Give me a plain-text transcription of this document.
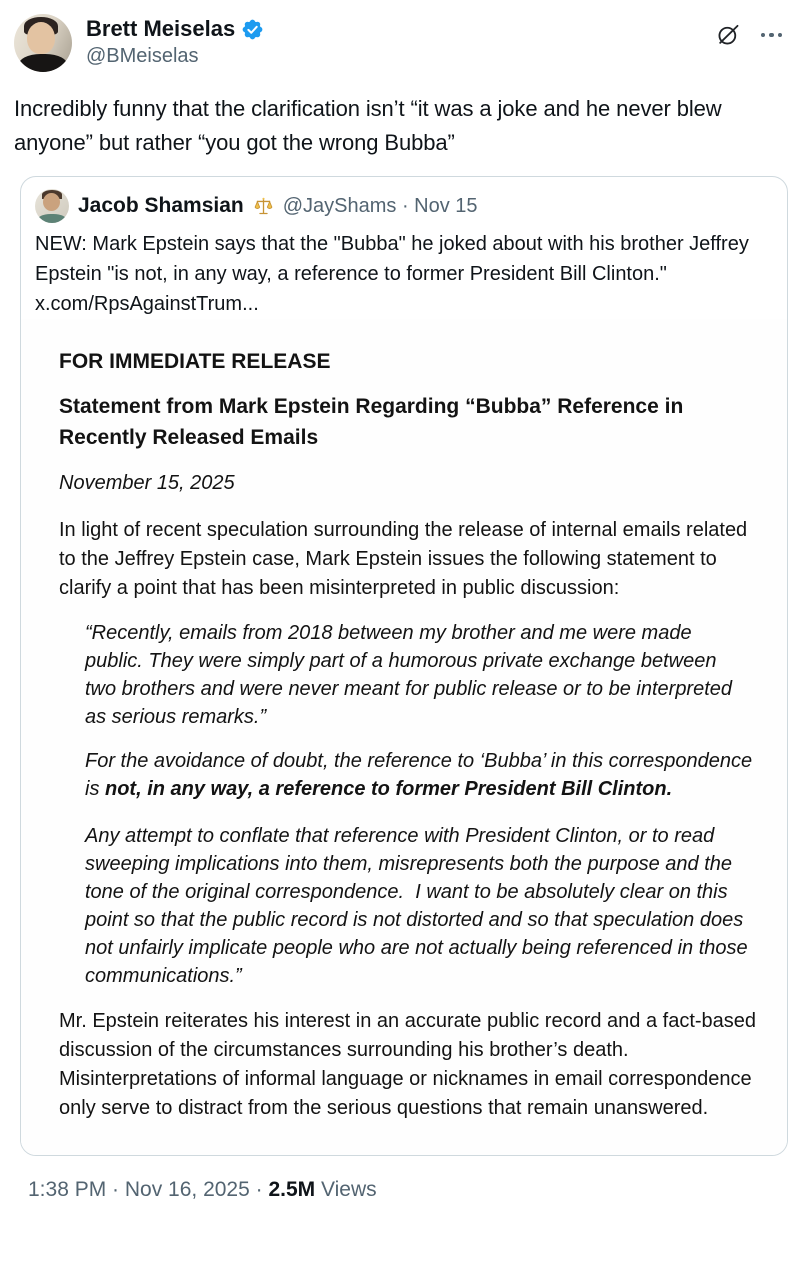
Brett Meiselas
@BMeiselas
Incredibly funny that the clarification isn’t “it was a joke and he never blew anyone” but rather “you got the wrong Bubba”
Jacob Shamsian @JayShams · Nov 15
NEW: Mark Epstein says that the "Bubba" he joked about with his brother Jeffrey Epstein "is not, in any way, a reference to former President Bill Clinton."
x.com/RpsAgainstTrum...
FOR IMMEDIATE RELEASE
Statement from Mark Epstein Regarding “Bubba” Reference in Recently Released Emails
November 15, 2025
In light of recent speculation surrounding the release of internal emails related to the Jeffrey Epstein case, Mark Epstein issues the following statement to clarify a point that has been misinterpreted in public discussion:
“Recently, emails from 2018 between my brother and me were made public. They were simply part of a humorous private exchange between two brothers and were never meant for public release or to be interpreted as serious remarks.”
For the avoidance of doubt, the reference to ‘Bubba’ in this correspondence is not, in any way, a reference to former President Bill Clinton.
Any attempt to conflate that reference with President Clinton, or to read sweeping implications into them, misrepresents both the purpose and the tone of the original correspondence.  I want to be absolutely clear on this point so that the public record is not distorted and so that speculation does not unfairly implicate people who are not actually being referenced in those communications.”
Mr. Epstein reiterates his interest in an accurate public record and a fact-based discussion of the circumstances surrounding his brother’s death. Misinterpretations of informal language or nicknames in email correspondence only serve to distract from the serious questions that remain unanswered.
1:38 PM · Nov 16, 2025 · 2.5M Views
